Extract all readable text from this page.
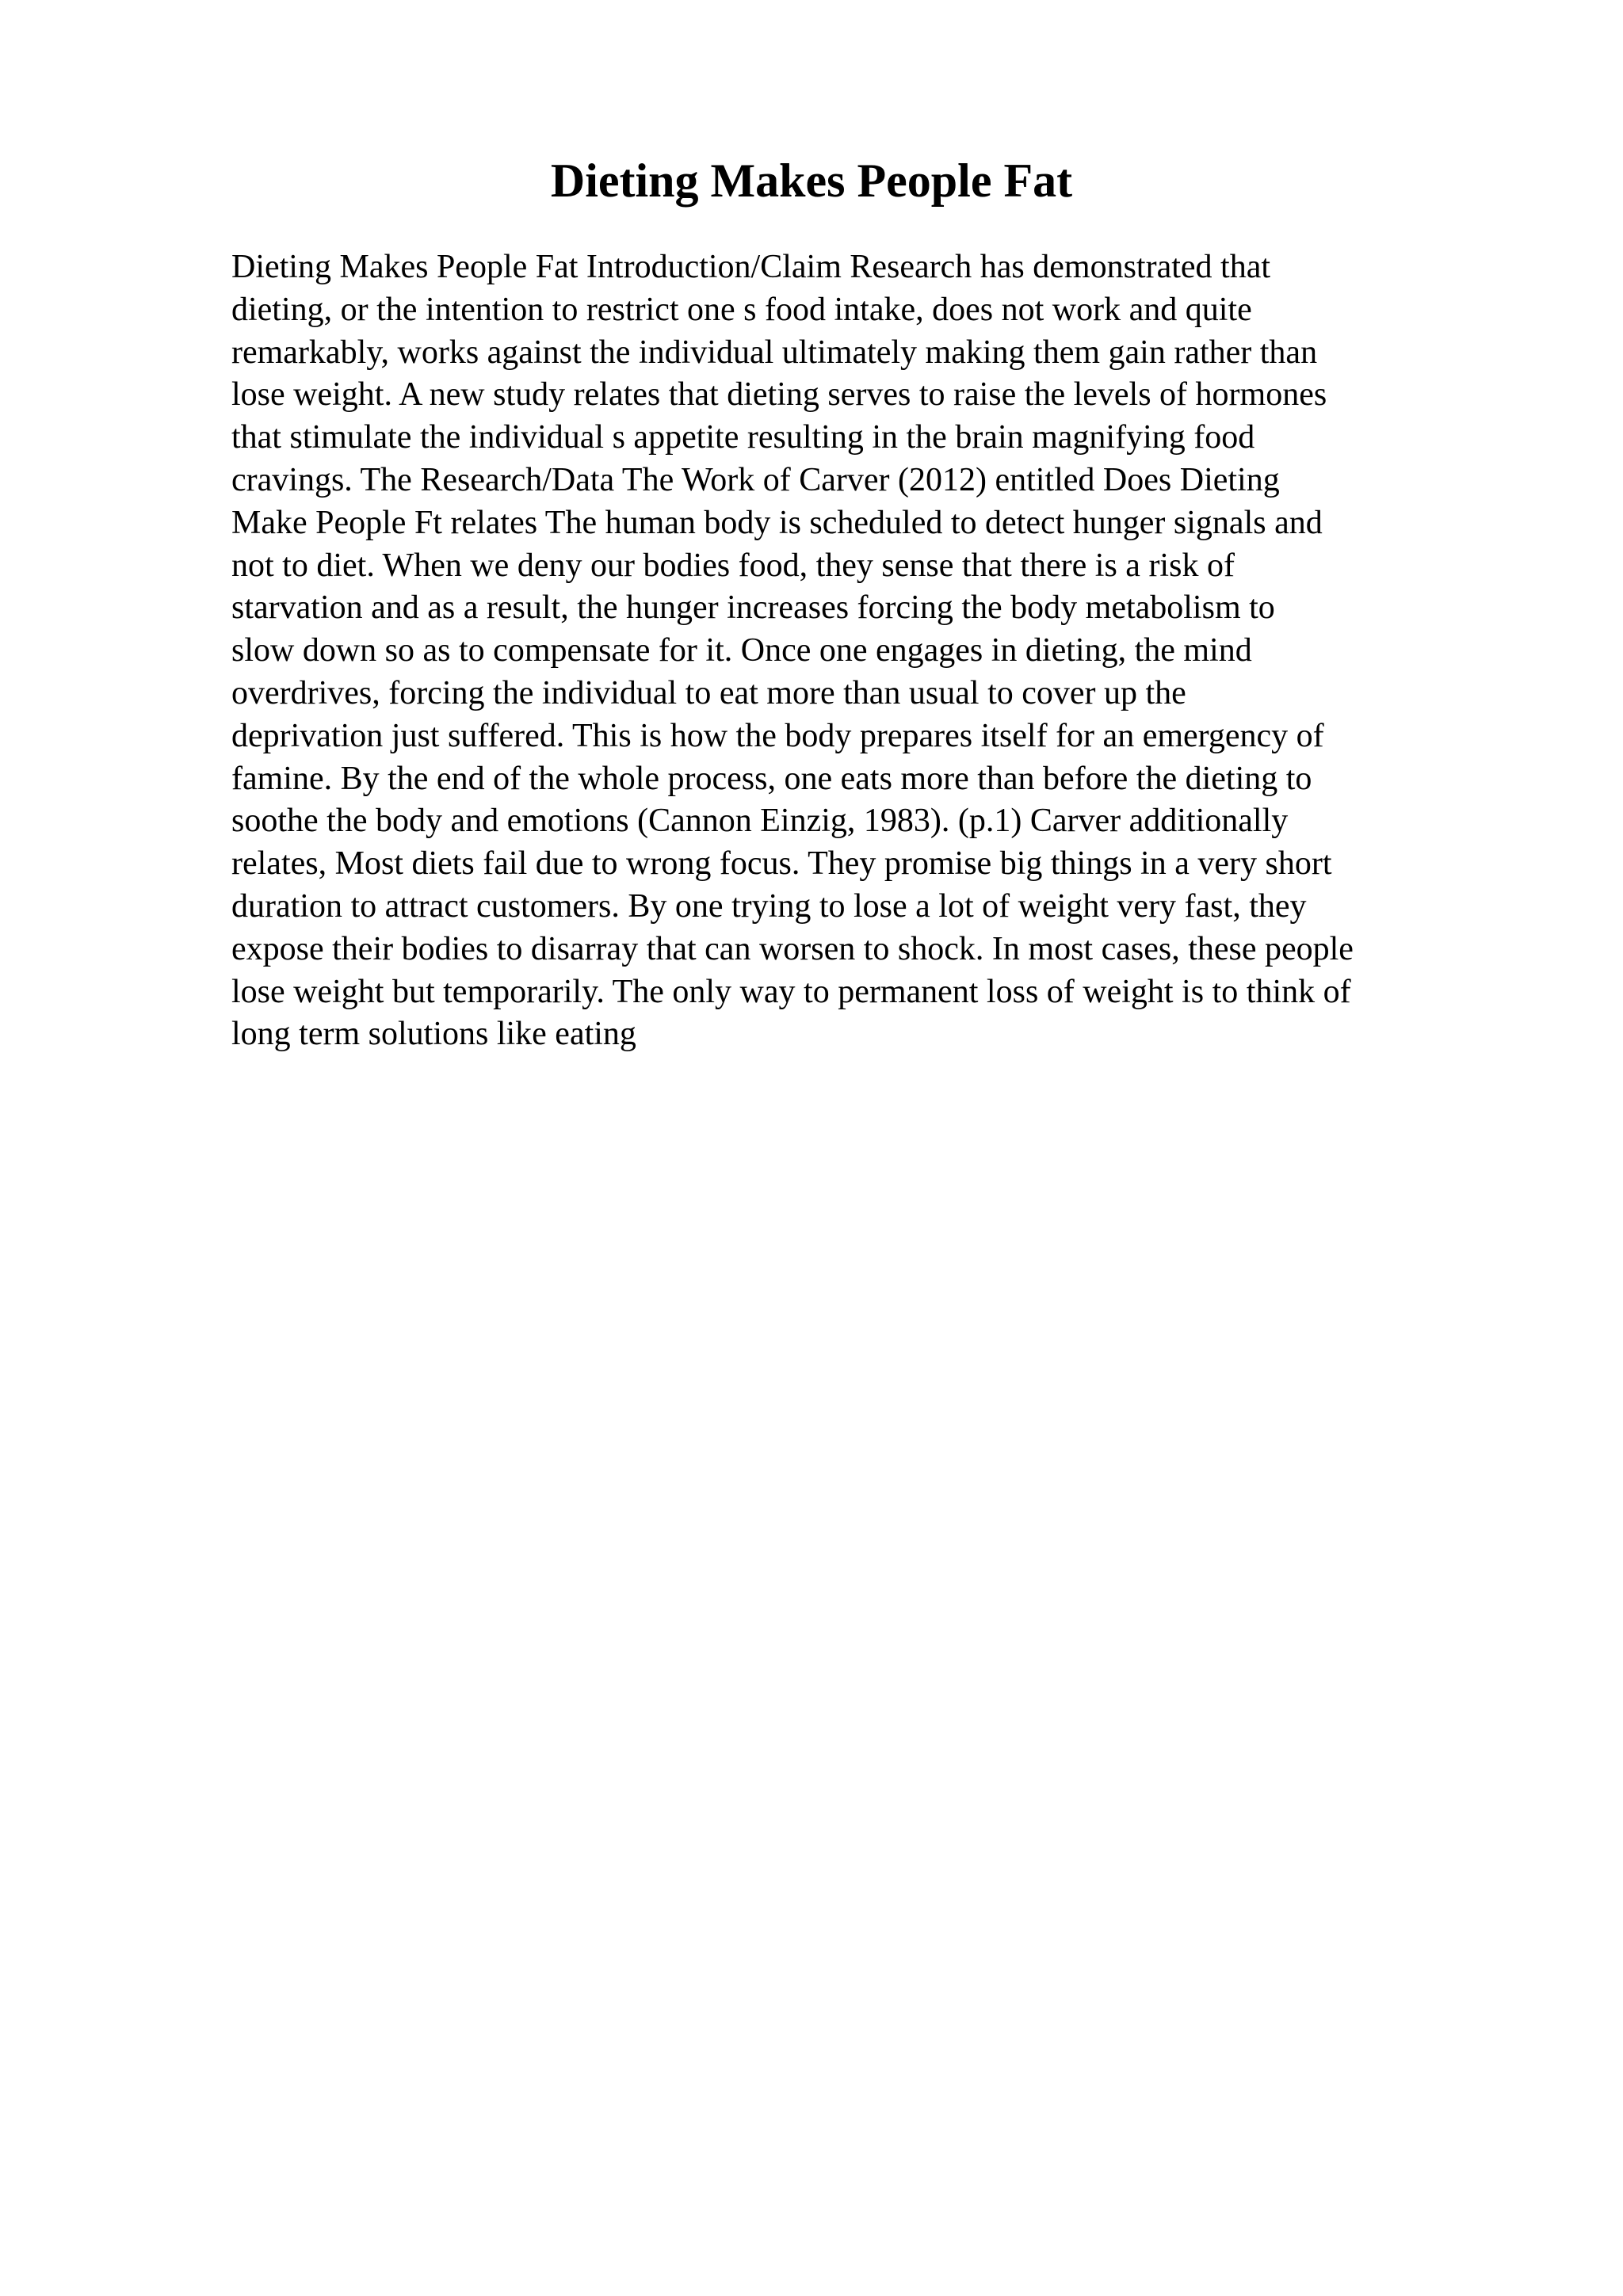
Dieting Makes People Fat
Dieting Makes People Fat Introduction/Claim Research has demonstrated that
dieting, or the intention to restrict one s food intake, does not work and quite
remarkably, works against the individual ultimately making them gain rather than
lose weight. A new study relates that dieting serves to raise the levels of hormones
that stimulate the individual s appetite resulting in the brain magnifying food
cravings. The Research/Data The Work of Carver (2012) entitled Does Dieting
Make People Ft relates The human body is scheduled to detect hunger signals and
not to diet. When we deny our bodies food, they sense that there is a risk of
starvation and as a result, the hunger increases forcing the body metabolism to
slow down so as to compensate for it. Once one engages in dieting, the mind
overdrives, forcing the individual to eat more than usual to cover up the
deprivation just suffered. This is how the body prepares itself for an emergency of
famine. By the end of the whole process, one eats more than before the dieting to
soothe the body and emotions (Cannon Einzig, 1983). (p.1) Carver additionally
relates, Most diets fail due to wrong focus. They promise big things in a very short
duration to attract customers. By one trying to lose a lot of weight very fast, they
expose their bodies to disarray that can worsen to shock. In most cases, these people
lose weight but temporarily. The only way to permanent loss of weight is to think of
long term solutions like eating
